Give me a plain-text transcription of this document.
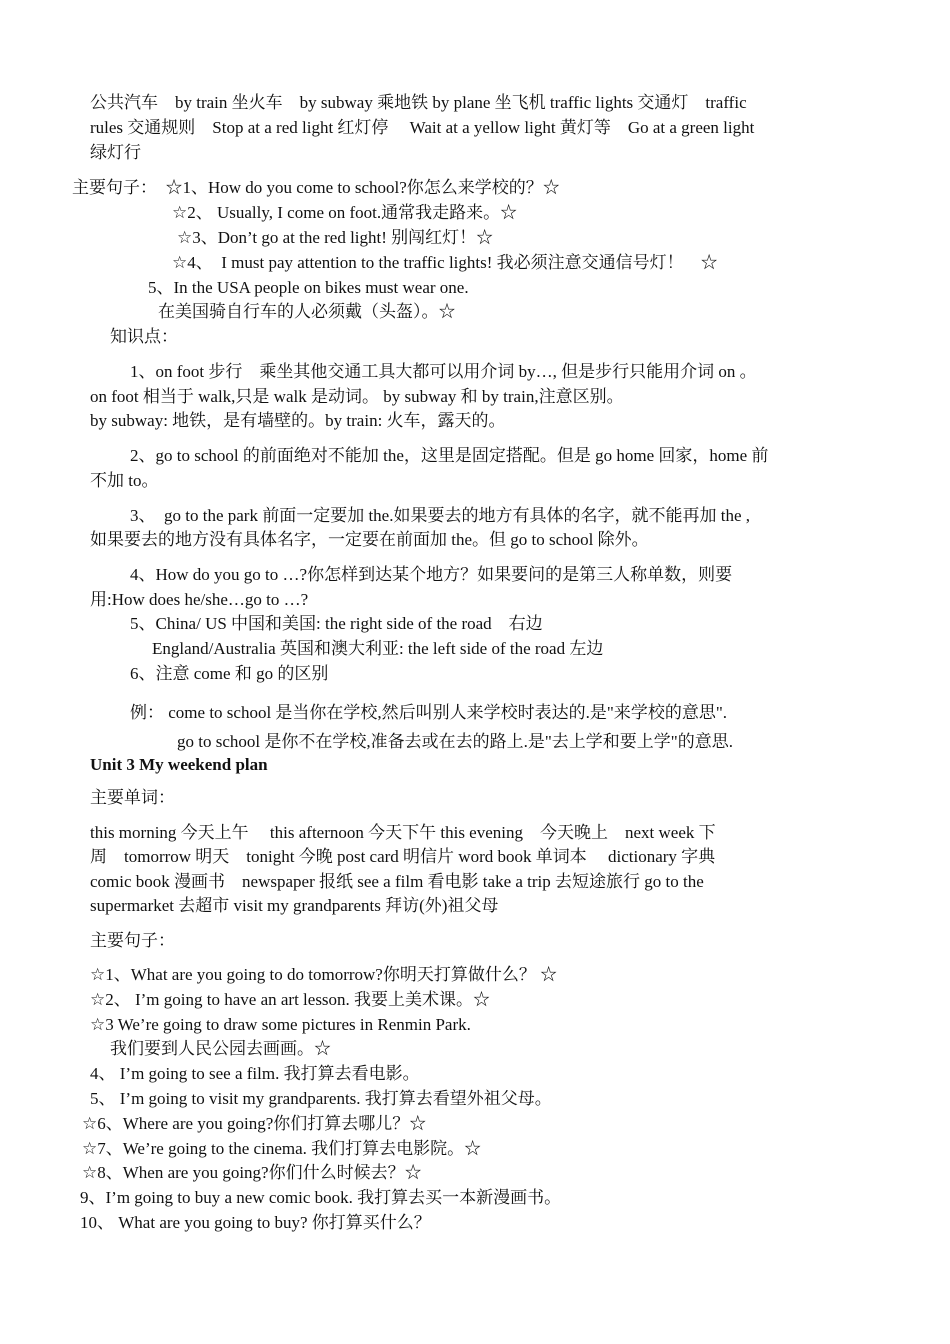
公共汽车　by train 坐火车　by subway 乘地铁 by plane 坐飞机 traffic lights 交通灯　traffic
rules 交通规则　Stop at a red light 红灯停　 Wait at a yellow light 黄灯等　Go at a green light
绿灯行
主要句子：　☆1、How do you come to school?你怎么来学校的？☆
☆2、 Usually, I come on foot.通常我走路来。☆
☆3、Don’t go at the red light! 别闯红灯！☆
☆4、　I must pay attention to the traffic lights! 我必须注意交通信号灯！　☆
5、In the USA people on bikes must wear one.
在美国骑自行车的人必须戴（头盔）。☆
知识点：
1、on foot 步行　乘坐其他交通工具大都可以用介词 by…, 但是步行只能用介词 on 。
on foot 相当于 walk,只是 walk 是动词。 by subway 和 by train,注意区别。
by subway: 地铁，是有墙壁的。by train: 火车，露天的。
2、go to school 的前面绝对不能加 the，这里是固定搭配。但是 go home 回家，home 前
不加 to。
3、　go to the park 前面一定要加 the.如果要去的地方有具体的名字，就不能再加 the ,
如果要去的地方没有具体名字，一定要在前面加 the。但 go to school 除外。
4、How do you go to …?你怎样到达某个地方？如果要问的是第三人称单数，则要
用:How does he/she…go to …?
5、China/ US 中国和美国: the right side of the road　右边
England/Australia 英国和澳大利亚: the left side of the road 左边
6、注意 come 和 go 的区别
例： come to school 是当你在学校,然后叫别人来学校时表达的.是"来学校的意思".
go to school 是你不在学校,准备去或在去的路上.是"去上学和要上学"的意思.
Unit 3 My weekend plan
主要单词：
this morning 今天上午　 this afternoon 今天下午 this evening　今天晚上　next week 下
周　tomorrow 明天　tonight 今晚 post card 明信片 word book 单词本　 dictionary 字典
comic book 漫画书　newspaper 报纸 see a film 看电影 take a trip 去短途旅行 go to the
supermarket 去超市 visit my grandparents 拜访(外)祖父母
主要句子：
☆1、What are you going to do tomorrow?你明天打算做什么？ ☆
☆2、 I’m going to have an art lesson. 我要上美术课。☆
☆3 We’re going to draw some pictures in Renmin Park.
我们要到人民公园去画画。☆
4、 I’m going to see a film. 我打算去看电影。
5、 I’m going to visit my grandparents. 我打算去看望外祖父母。
☆6、Where are you going?你们打算去哪儿？☆
☆7、We’re going to the cinema. 我们打算去电影院。☆
☆8、When are you going?你们什么时候去？☆
9、I’m going to buy a new comic book. 我打算去买一本新漫画书。
10、 What are you going to buy? 你打算买什么？
